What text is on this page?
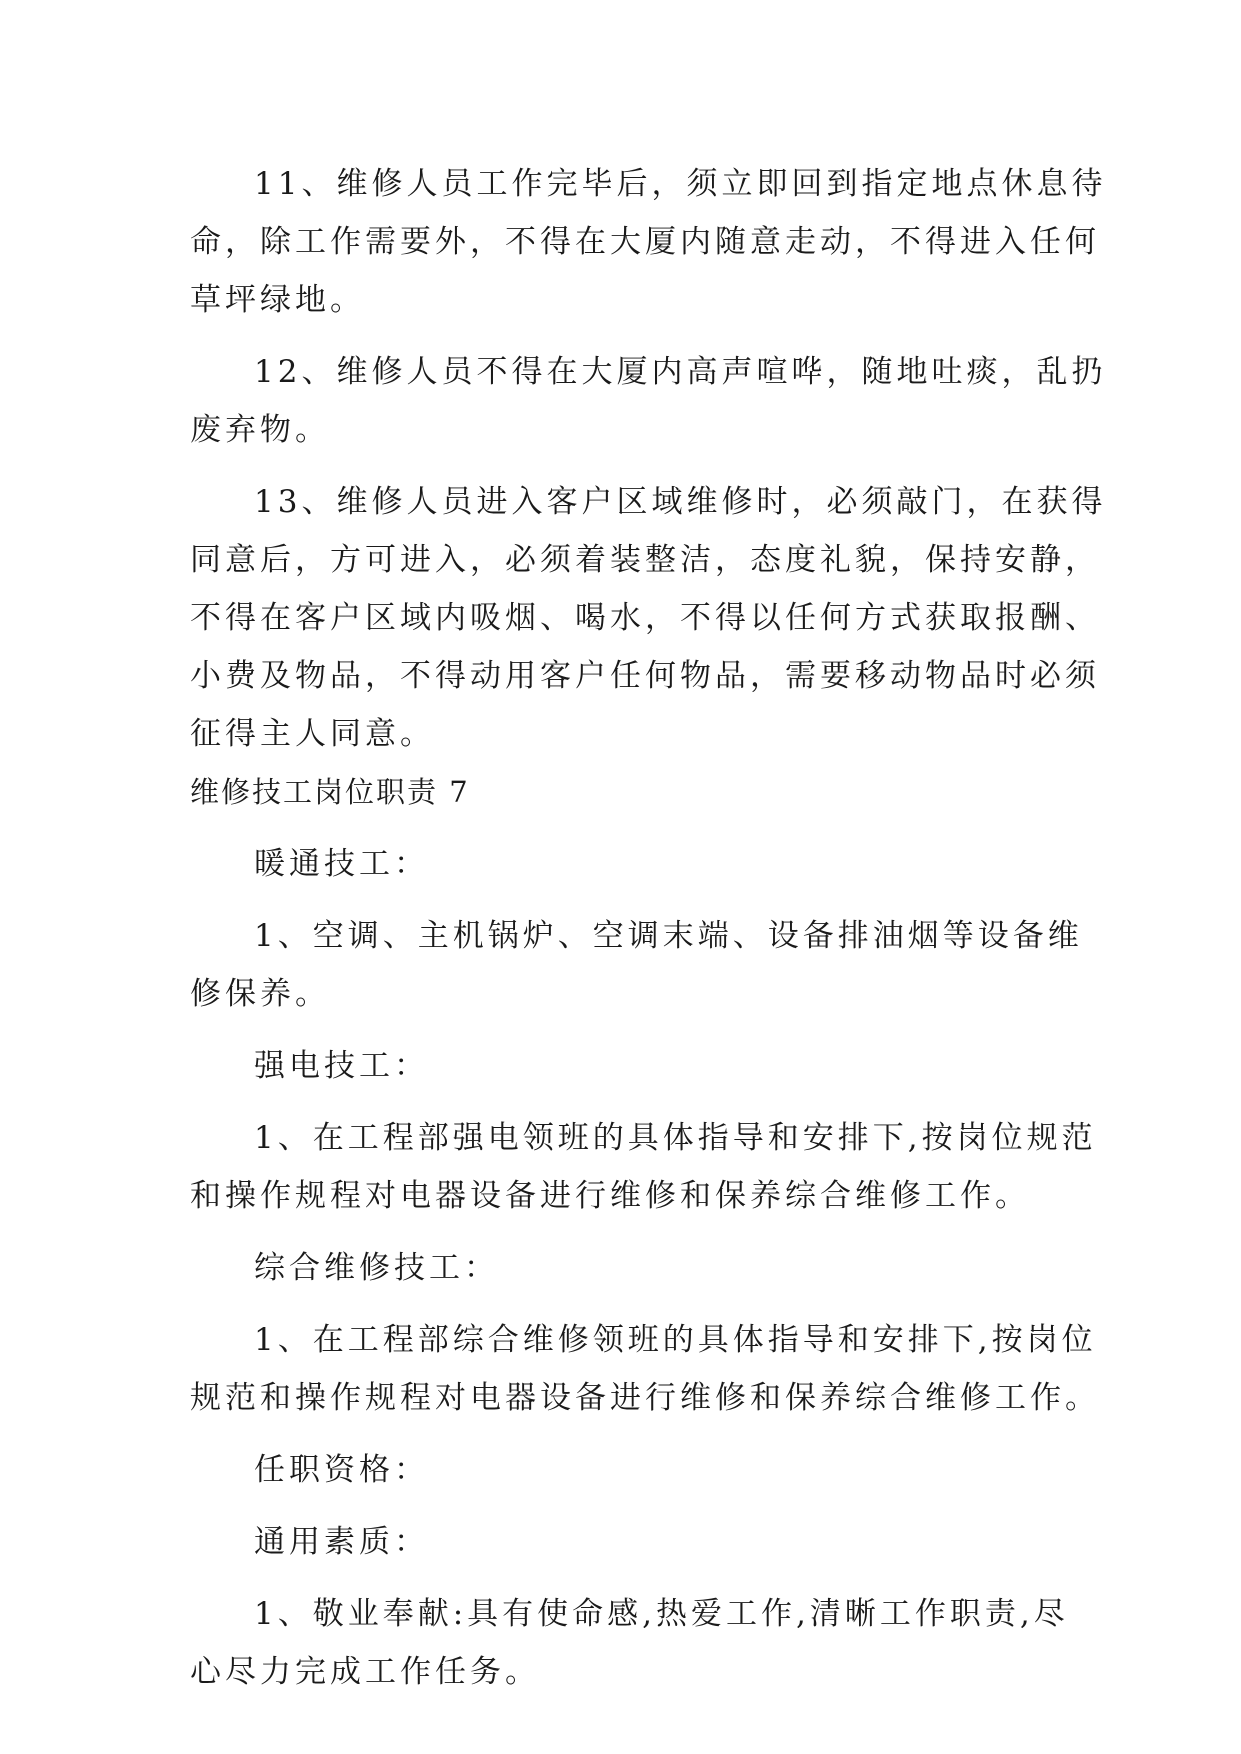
11、维修人员工作完毕后，须立即回到指定地点休息待
命，除工作需要外，不得在大厦内随意走动，不得进入任何
草坪绿地。
12、维修人员不得在大厦内高声喧哗，随地吐痰，乱扔
废弃物。
13、维修人员进入客户区域维修时，必须敲门，在获得
同意后，方可进入，必须着装整洁，态度礼貌，保持安静，
不得在客户区域内吸烟、喝水，不得以任何方式获取报酬、
小费及物品，不得动用客户任何物品，需要移动物品时必须
征得主人同意。
维修技工岗位职责 7
暖通技工：
1、空调、主机锅炉、空调末端、设备排油烟等设备维
修保养。
强电技工：
1、在工程部强电领班的具体指导和安排下,按岗位规范
和操作规程对电器设备进行维修和保养综合维修工作。
综合维修技工：
1、在工程部综合维修领班的具体指导和安排下,按岗位
规范和操作规程对电器设备进行维修和保养综合维修工作。
任职资格：
通用素质：
1、敬业奉献:具有使命感,热爱工作,清晰工作职责,尽
心尽力完成工作任务。
